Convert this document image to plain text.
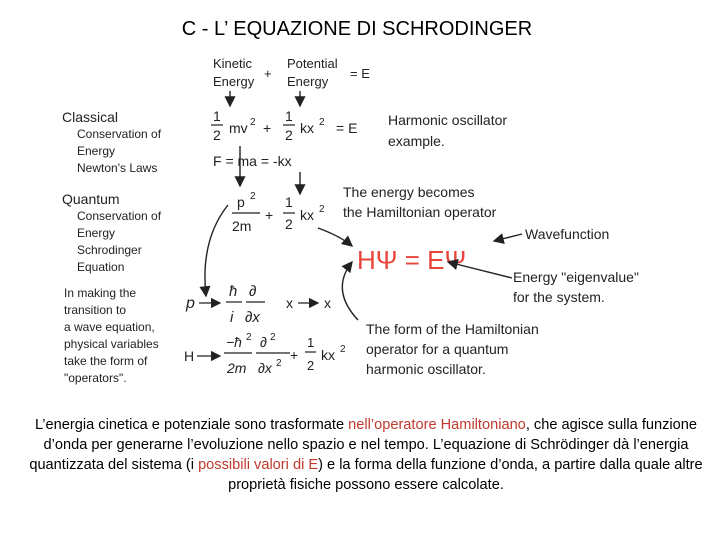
C - L’ EQUAZIONE DI SCHRODINGER
Kinetic
Energy
+
Potential
Energy
= E
Classical
Conservation of
Energy
Newton's Laws
1
2 mv 2 +
1
2 kx 2 = E
F = ma = -kx
Harmonic oscillator
example.
Quantum
Conservation of
Energy
Schrodinger
Equation
In making the
transition to
a wave equation,
physical variables
take the form of
"operators".
p 2
2m
+
1
2
kx 2
The energy becomes
the Hamiltonian operator
HΨ = EΨ
Wavefunction
Energy "eigenvalue"
for the system.
p
ħ
i
∂
∂x
x x
H
−ħ 2
2m
∂ 2
∂x 2
+
1
2
kx 2
The form of the Hamiltonian
operator for a quantum
harmonic oscillator.
L’energia cinetica e potenziale sono trasformate nell’operatore Hamiltoniano, che agisce sulla funzione d’onda per generarne l’evoluzione nello spazio e nel tempo. L’equazione di Schrödinger dà l’energia quantizzata del sistema (i possibili valori di E) e la forma della funzione d’onda, a partire dalla quale altre proprietà fisiche possono essere calcolate.
